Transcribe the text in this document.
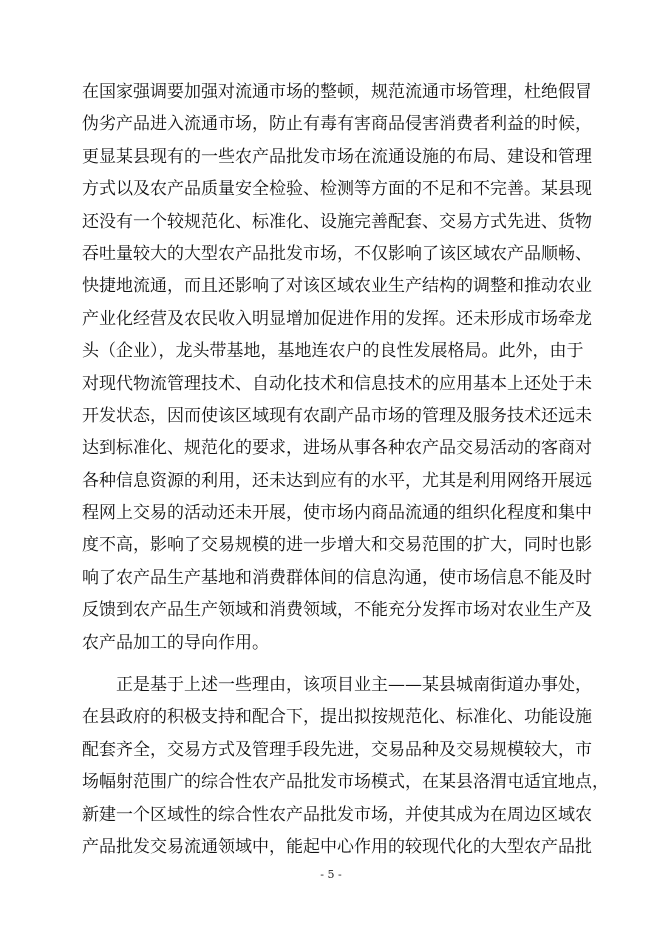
在国家强调要加强对流通市场的整顿，规范流通市场管理，杜绝假冒
伪劣产品进入流通市场，防止有毒有害商品侵害消费者利益的时候，
更显某县现有的一些农产品批发市场在流通设施的布局、建设和管理
方式以及农产品质量安全检验、检测等方面的不足和不完善。某县现
还没有一个较规范化、标准化、设施完善配套、交易方式先进、货物
吞吐量较大的大型农产品批发市场，不仅影响了该区域农产品顺畅、
快捷地流通，而且还影响了对该区域农业生产结构的调整和推动农业
产业化经营及农民收入明显增加促进作用的发挥。还未形成市场牵龙
头（企业），龙头带基地，基地连农户的良性发展格局。此外，由于
对现代物流管理技术、自动化技术和信息技术的应用基本上还处于未
开发状态，因而使该区域现有农副产品市场的管理及服务技术还远未
达到标准化、规范化的要求，进场从事各种农产品交易活动的客商对
各种信息资源的利用，还未达到应有的水平，尤其是利用网络开展远
程网上交易的活动还未开展，使市场内商品流通的组织化程度和集中
度不高，影响了交易规模的进一步增大和交易范围的扩大，同时也影
响了农产品生产基地和消费群体间的信息沟通，使市场信息不能及时
反馈到农产品生产领域和消费领域，不能充分发挥市场对农业生产及
农产品加工的导向作用。
　　正是基于上述一些理由，该项目业主——某县城南街道办事处，
在县政府的积极支持和配合下，提出拟按规范化、标准化、功能设施
配套齐全，交易方式及管理手段先进，交易品种及交易规模较大，市
场幅射范围广的综合性农产品批发市场模式，在某县洛渭屯适宜地点，
新建一个区域性的综合性农产品批发市场，并使其成为在周边区域农
产品批发交易流通领域中，能起中心作用的较现代化的大型农产品批
- 5 -
